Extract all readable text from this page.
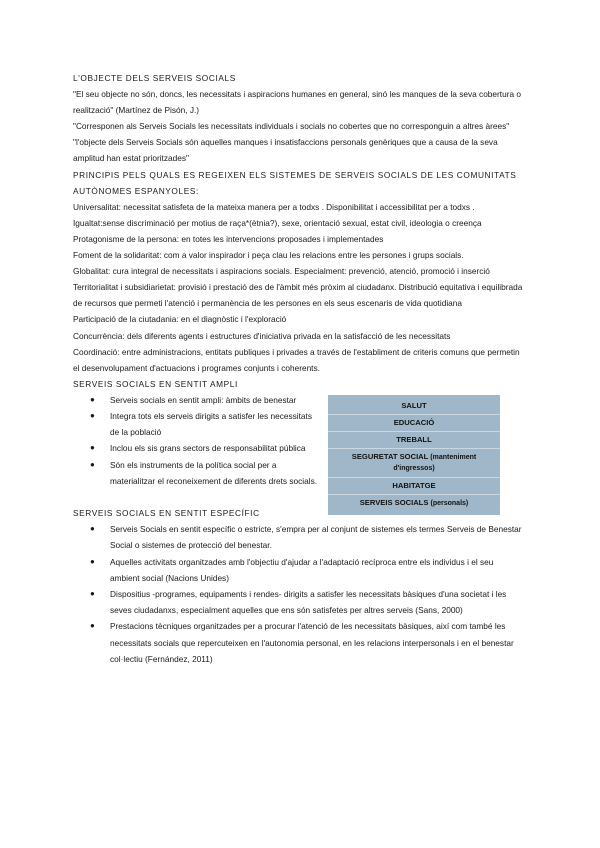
L'OBJECTE DELS SERVEIS SOCIALS

"El seu objecte no són, doncs, les necessitats i aspiracions humanes en general, sinó les manques de la seva cobertura o realització" (Martínez de Pisón, J.)

"Corresponen als Serveis Socials les necessitats individuals i socials no cobertes que no corresponguin a altres àrees"

"l'objecte dels Serveis Socials són aquelles manques i insatisfaccions personals genèriques que a causa de la seva amplitud han estat prioritzades"

PRINCIPIS PELS QUALS ES REGEIXEN ELS SISTEMES DE SERVEIS SOCIALS DE LES COMUNITATS AUTÒNOMES ESPANYOLES:

Universalitat: necessitat satisfeta de la mateixa manera per a todxs . Disponibilitat i accessibilitat per a todxs .

Igualtat:sense discriminació per motius de raça*(ètnia?), sexe, orientació sexual, estat civil, ideologia o creença

Protagonisme de la persona: en totes les intervencions proposades i implementades

Foment de la solidaritat: com a valor inspirador i peça clau les relacions entre les persones i grups socials.

Globalitat: cura integral de necessitats i aspiracions socials. Especialment: prevenció, atenció, promoció i inserció

Territorialitat i subsidiarietat: provisió i prestació des de l'àmbit més pròxim al ciudadanx. Distribució equitativa i equilibrada de recursos que permeti l'atenció i permanència de les persones en els seus escenaris de vida quotidiana

Participació de la ciutadania: en el diagnòstic i l'exploració

Concurrència: dels diferents agents i estructures d'iniciativa privada en la satisfacció de les necessitats

Coordinació: entre administracions, entitats publiques i privades a través de l'establiment de criteris comuns que permetin el desenvolupament d'actuacions i programes conjunts i coherents.

SERVEIS SOCIALS EN SENTIT AMPLI

● Serveis socials en sentit ampli: àmbits de benestar
● Integra tots els serveis dirigits a satisfer les necessitats de la població
● Inclou els sis grans sectors de responsabilitat pública
● Són els instruments de la política social per a materialitzar el reconeixement de diferents drets socials.
SALUT
EDUCACIÓ
TREBALL
SEGURETAT SOCIAL (manteniment d'ingressos)
HABITATGE
SERVEIS SOCIALS (personals)

SERVEIS SOCIALS EN SENTIT ESPECÍFIC

● Serveis Socials en sentit específic o estricte, s'empra per al conjunt de sistemes els termes Serveis de Benestar Social o sistemes de protecció del benestar.
● Aquelles activitats organitzades amb l'objectiu d'ajudar a l'adaptació recíproca entre els individus i el seu ambient social (Nacions Unides)
● Dispositius -programes, equipaments i rendes- dirigits a satisfer les necessitats bàsiques d'una societat i les seves ciudadanxs, especialment aquelles que ens són satisfetes per altres serveis (Sans, 2000)
● Prestacions tècniques organitzades per a procurar l'atenció de les necessitats bàsiques, així com també les necessitats socials que repercuteixen en l'autonomia personal, en les relacions interpersonals i en el benestar col·lectiu (Fernández, 2011)
